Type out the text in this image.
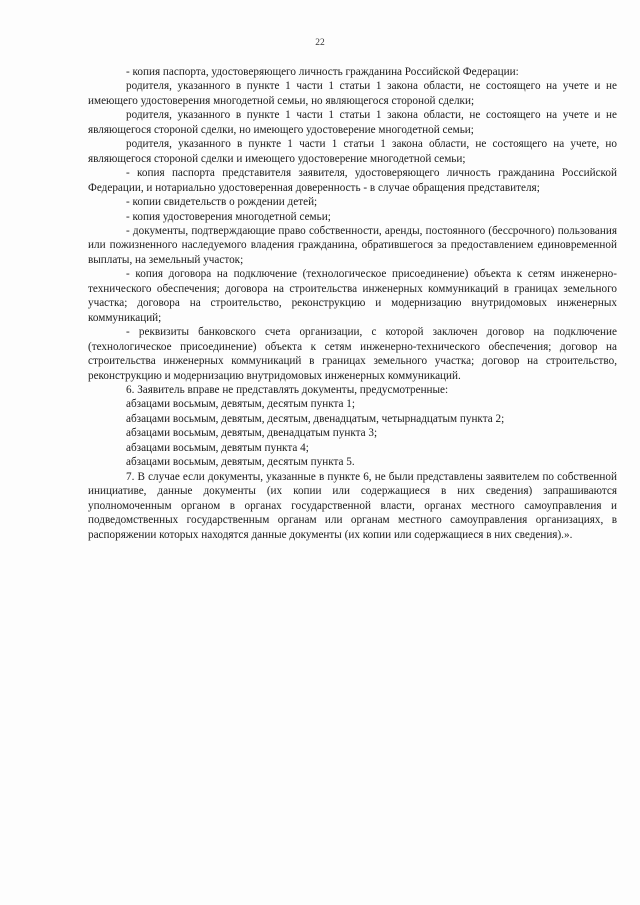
22

- копия паспорта, удостоверяющего личность гражданина Российской Федерации:

родителя, указанного в пункте 1 части 1 статьи 1 закона области, не состоящего на учете и не имеющего удостоверения многодетной семьи, но являющегося стороной сделки;

родителя, указанного в пункте 1 части 1 статьи 1 закона области, не состоящего на учете и не являющегося стороной сделки, но имеющего удостоверение многодетной семьи;

родителя, указанного в пункте 1 части 1 статьи 1 закона области, не состоящего на учете, но являющегося стороной сделки и имеющего удостоверение многодетной семьи;

- копия паспорта представителя заявителя, удостоверяющего личность гражданина Российской Федерации, и нотариально удостоверенная доверенность - в случае обращения представителя;

- копии свидетельств о рождении детей;

- копия удостоверения многодетной семьи;

- документы, подтверждающие право собственности, аренды, постоянного (бессрочного) пользования или пожизненного наследуемого владения гражданина, обратившегося за предоставлением единовременной выплаты, на земельный участок;

- копия договора на подключение (технологическое присоединение) объекта к сетям инженерно-технического обеспечения; договора на строительства инженерных коммуникаций в границах земельного участка; договора на строительство, реконструкцию и модернизацию внутридомовых инженерных коммуникаций;

- реквизиты банковского счета организации, с которой заключен договор на подключение (технологическое присоединение) объекта к сетям инженерно-технического обеспечения; договор на строительства инженерных коммуникаций в границах земельного участка; договор на строительство, реконструкцию и модернизацию внутридомовых инженерных коммуникаций.

6. Заявитель вправе не представлять документы, предусмотренные:

абзацами восьмым, девятым, десятым пункта 1;

абзацами восьмым, девятым, десятым, двенадцатым, четырнадцатым пункта 2;

абзацами восьмым, девятым, двенадцатым пункта 3;

абзацами восьмым, девятым пункта 4;

абзацами восьмым, девятым, десятым пункта 5.

7. В случае если документы, указанные в пункте 6, не были представлены заявителем по собственной инициативе, данные документы (их копии или содержащиеся в них сведения) запрашиваются уполномоченным органом в органах государственной власти, органах местного самоуправления и подведомственных государственным органам или органам местного самоуправления организациях, в распоряжении которых находятся данные документы (их копии или содержащиеся в них сведения).».
